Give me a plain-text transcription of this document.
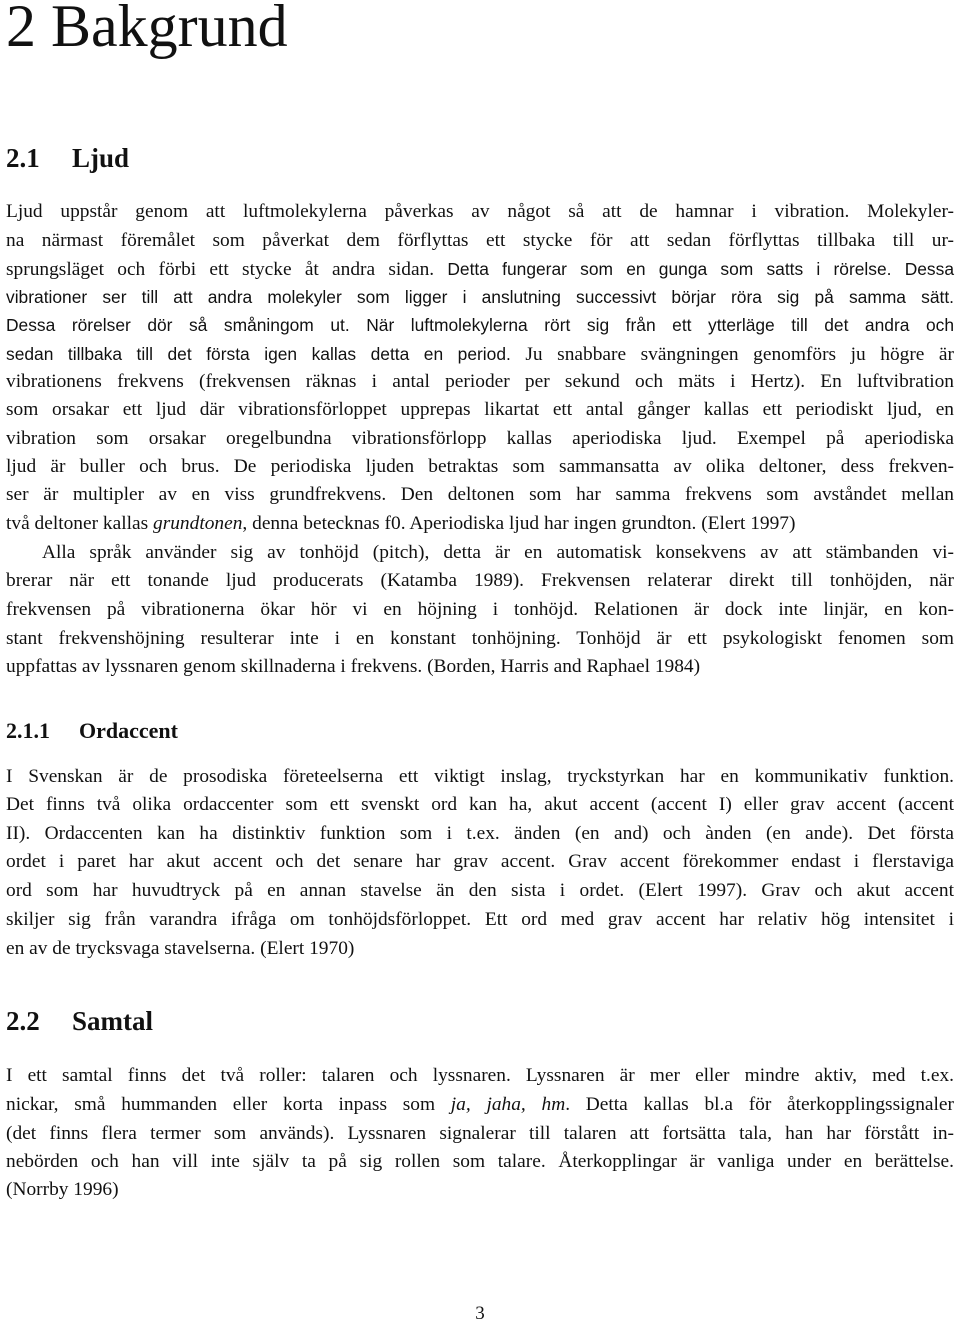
2 Bakgrund
2.1 Ljud
Ljud uppstår genom att luftmolekylerna påverkas av något så att de hamnar i vibration. Molekyler-
na närmast föremålet som påverkat dem förflyttas ett stycke för att sedan förflyttas tillbaka till ur-
sprungsläget och förbi ett stycke åt andra sidan. Detta fungerar som en gunga som satts i rörelse. Dessa
vibrationer ser till att andra molekyler som ligger i anslutning successivt börjar röra sig på samma sätt.
Dessa rörelser dör så småningom ut. När luftmolekylerna rört sig från ett ytterläge till det andra och
sedan tillbaka till det första igen kallas detta en period. Ju snabbare svängningen genomförs ju högre är
vibrationens frekvens (frekvensen räknas i antal perioder per sekund och mäts i Hertz). En luftvibration
som orsakar ett ljud där vibrationsförloppet upprepas likartat ett antal gånger kallas ett periodiskt ljud, en
vibration som orsakar oregelbundna vibrationsförlopp kallas aperiodiska ljud. Exempel på aperiodiska
ljud är buller och brus. De periodiska ljuden betraktas som sammansatta av olika deltoner, dess frekven-
ser är multipler av en viss grundfrekvens. Den deltonen som har samma frekvens som avståndet mellan
två deltoner kallas grundtonen, denna betecknas f0. Aperiodiska ljud har ingen grundton. (Elert 1997)
Alla språk använder sig av tonhöjd (pitch), detta är en automatisk konsekvens av att stämbanden vi-
brerar när ett tonande ljud producerats (Katamba 1989). Frekvensen relaterar direkt till tonhöjden, när
frekvensen på vibrationerna ökar hör vi en höjning i tonhöjd. Relationen är dock inte linjär, en kon-
stant frekvenshöjning resulterar inte i en konstant tonhöjning. Tonhöjd är ett psykologiskt fenomen som
uppfattas av lyssnaren genom skillnaderna i frekvens. (Borden, Harris and Raphael 1984)
2.1.1 Ordaccent
I Svenskan är de prosodiska företeelserna ett viktigt inslag, tryckstyrkan har en kommunikativ funktion.
Det finns två olika ordaccenter som ett svenskt ord kan ha, akut accent (accent I) eller grav accent (accent
II). Ordaccenten kan ha distinktiv funktion som i t.ex. änden (en and) och ànden (en ande). Det första
ordet i paret har akut accent och det senare har grav accent. Grav accent förekommer endast i flerstaviga
ord som har huvudtryck på en annan stavelse än den sista i ordet. (Elert 1997). Grav och akut accent
skiljer sig från varandra ifråga om tonhöjdsförloppet. Ett ord med grav accent har relativ hög intensitet i
en av de trycksvaga stavelserna. (Elert 1970)
2.2 Samtal
I ett samtal finns det två roller: talaren och lyssnaren. Lyssnaren är mer eller mindre aktiv, med t.ex.
nickar, små hummanden eller korta inpass som ja, jaha, hm. Detta kallas bl.a för återkopplingssignaler
(det finns flera termer som används). Lyssnaren signalerar till talaren att fortsätta tala, han har förstått in-
nebörden och han vill inte själv ta på sig rollen som talare. Återkopplingar är vanliga under en berättelse.
(Norrby 1996)
3
